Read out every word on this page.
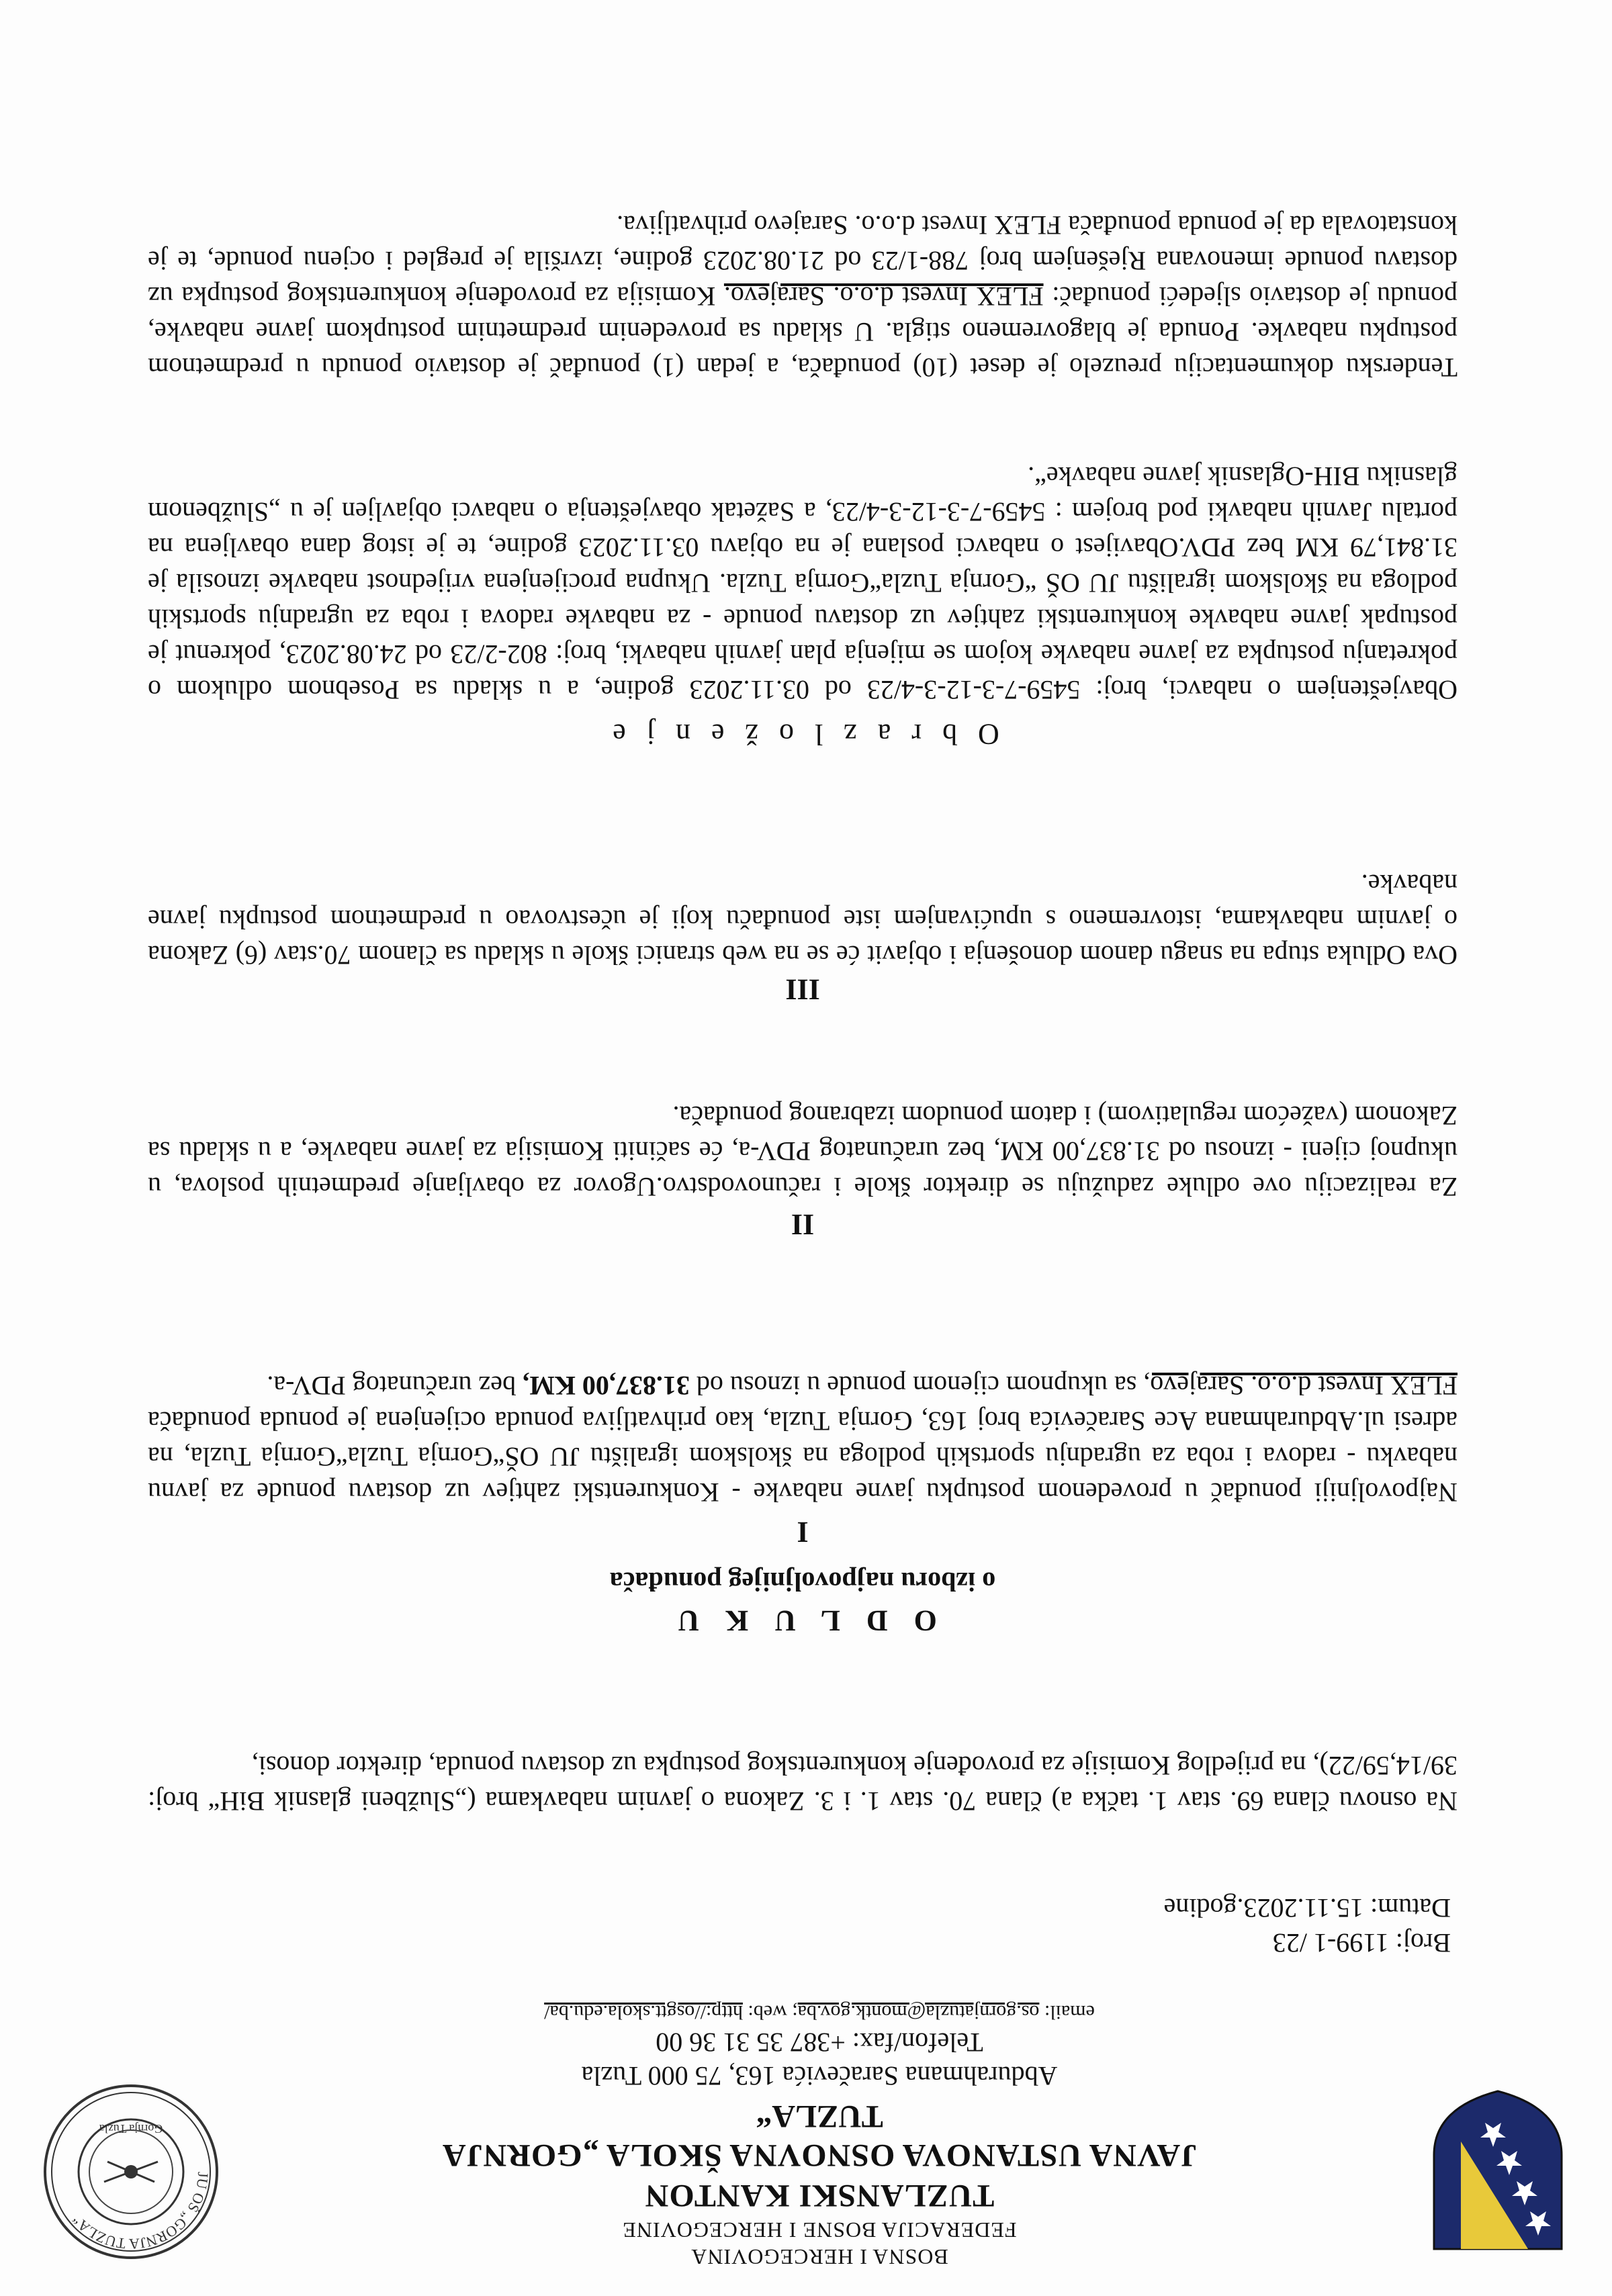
JU OŠ „GORNJA TUZLA“
Gornja Tuzla
BOSNA I HERCEGOVINA
FEDERACIJA BOSNE I HERCEGOVINE
TUZLANSKI KANTON
JAVNA USTANOVA OSNOVNA ŠKOLA „GORNJA
TUZLA“
Abdurahmana Saračevića 163, 75 000 Tuzla
Telefon/fax: +387 35 31 36 00
email: os.gornjatuzla@montk.gov.ba; web: http://osgtt.skola.edu.ba/
Broj: 1199-1 /23
Datum: 15.11.2023.godine
Na osnovu člana 69. stav 1. tačka a) člana 70. stav 1. i 3. Zakona o javnim nabavkama („Službeni glasnik BiH“ broj: 39/14,59/22), na prijedlog Komisije za provođenje konkurentskog postupka uz dostavu ponuda, direktor donosi,
O D L U K U
o izboru najpovoljnijeg ponuđača
I
Najpovoljniji ponuđač u provedenom postupku javne nabavke - Konkurentski zahtjev uz dostavu ponude za javnu nabavku - radova i roba za ugradnju sportskih podloga na školskom igralištu JU OŠ“Gornja Tuzla“Gornja Tuzla, na adresi ul.Abdurahmana Ace Saračevića broj 163, Gornja Tuzla, kao prihvatljiva ponuda ocijenjena je ponuda ponuđača FLEX Invest d.o.o. Sarajevo, sa ukupnom cijenom ponude u iznosu od 31.837,00 KM, bez uračunatog PDV-a.
II
Za realizaciju ove odluke zadužuju se direktor škole i računovodstvo.Ugovor za obavljanje predmetnih poslova, u ukupnoj cijeni - iznosu od 31.837,00 KM, bez uračunatog PDV-a, će sačiniti Komisija za javne nabavke, a u skladu sa Zakonom (važećom regulativom) i datom ponudom izabranog ponuđača.
III
Ova Odluka stupa na snagu danom donošenja i objavit će se na web stranici škole u skladu sa članom 70.stav (6) Zakona o javnim nabavkama, istovremeno s upućivanjem iste ponuđaču koji je učestvovao u predmetnom postupku javne nabavke.
O b r a z l o ž e n j e
Obavještenjem o nabavci, broj: 5459-7-3-12-3-4/23 od 03.11.2023 godine, a u skladu sa Posebnom odlukom o pokretanju postupka za javne nabavke kojom se mijenja plan javnih nabavki, broj: 802-2/23 od 24.08.2023, pokrenut je postupak javne nabavke konkurentski zahtjev uz dostavu ponude - za nabavke radova i roba za ugradnju sportskih podloga na školskom igralištu JU OŠ “Gornja Tuzla“Gornja Tuzla. Ukupna procijenjena vrijednost nabavke iznosila je 31.841,79 KM bez PDV.Obavijest o nabavci poslana je na objavu 03.11.2023 godine, te je istog dana obavljena na portalu Javnih nabavki pod brojem : 5459-7-3-12-3-4/23, a Sažetak obavještenja o nabavci objavljen je u „Službenom glasniku BIH-Oglasnik javne nabavke“.
Tendersku dokumentaciju preuzelo je deset (10) ponuđača, a jedan (1) ponuđač je dostavio ponudu u predmetnom postupku nabavke. Ponuda je blagovremeno stigla. U skladu sa provedenim predmetnim postupkom javne nabavke, ponudu je dostavio sljedeći ponuđač: FLEX Invest d.o.o. Sarajevo. Komisija za provođenje konkurentskog postupka uz dostavu ponude imenovana Rješenjem broj 788-1/23 od 21.08.2023 godine, izvršila je pregled i ocjenu ponude, te je konstatovala da je ponuda ponuđača FLEX Invest d.o.o. Sarajevo prihvatljiva.
